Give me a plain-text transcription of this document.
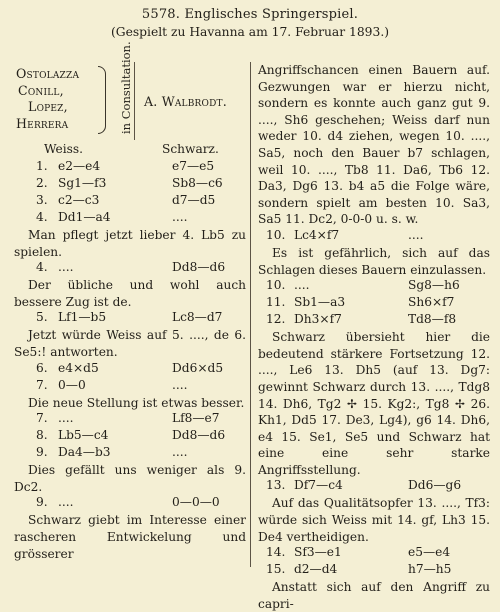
5578. Englisches Springerspiel.
(Gespielt zu Havanna am 17. Februar 1893.)
Ostolazza
Conill,
Lopez,
Herrera	in Consultation. A. Walbrodt.
Weiss.	Schwarz.
1. e2—e4	e7—e5
2. Sg1—f3	Sb8—c6
3. c2—c3	d7—d5
4. Dd1—a4	....
Man pflegt jetzt lieber 4. Lb5 zu spielen.
4. ....	Dd8—d6
Der übliche und wohl auch bessere Zug ist de.
5. Lf1—b5	Lc8—d7
Jetzt würde Weiss auf 5. ...., de 6. Se5:! antworten.
6. e4×d5	Dd6×d5
7. 0—0	....
Die neue Stellung ist etwas besser.
7. ....	Lf8—e7
8. Lb5—c4	Dd8—d6
9. Da4—b3	....
Dies gefällt uns weniger als 9. Dc2.
9. ....	0—0—0
Schwarz giebt im Interesse einer rascheren Entwickelung und grösserer
Angriffschancen einen Bauern auf. Gezwungen war er hierzu nicht, sondern es konnte auch ganz gut 9. ...., Sh6 geschehen; Weiss darf nun weder 10. d4 ziehen, wegen 10. ...., Sa5, noch den Bauer b7 schlagen, weil 10. ...., Tb8 11. Da6, Tb6 12. Da3, Dg6 13. b4 a5 die Folge wäre, sondern spielt am besten 10. Sa3, Sa5 11. Dc2, 0-0-0 u. s. w.
10. Lc4×f7	....
Es ist gefährlich, sich auf das Schlagen dieses Bauern einzulassen.
10. ....	Sg8—h6
11. Sb1—a3	Sh6×f7
12. Dh3×f7	Td8—f8
Schwarz übersieht hier die bedeutend stärkere Fortsetzung 12. ...., Le6 13. Dh5 (auf 13. Dg7: gewinnt Schwarz durch 13. ...., Tdg8 14. Dh6, Tg2 ✢ 15. Kg2:, Tg8 ✢ 26. Kh1, Dd5 17. De3, Lg4), g6 14. Dh6, e4 15. Se1, Se5 und Schwarz hat eine eine sehr starke Angriffsstellung.
13. Df7—c4	Dd6—g6
Auf das Qualitätsopfer 13. ...., Tf3: würde sich Weiss mit 14. gf, Lh3 15. De4 vertheidigen.
14. Sf3—e1	e5—e4
15. d2—d4	h7—h5
Anstatt sich auf den Angriff zu capri-
